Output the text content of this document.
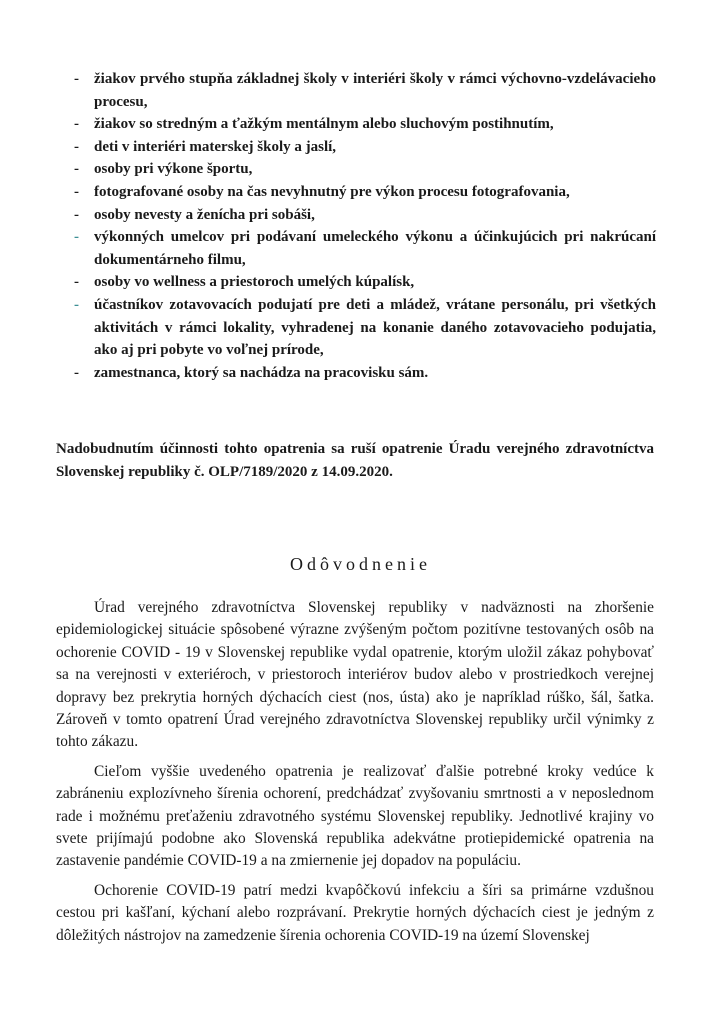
- žiakov prvého stupňa základnej školy v interiéri školy v rámci výchovno-vzdelávacieho procesu,
- žiakov so stredným a ťažkým mentálnym alebo sluchovým postihnutím,
- deti v interiéri materskej školy a jaslí,
- osoby pri výkone športu,
- fotografované osoby na čas nevyhnutný pre výkon procesu fotografovania,
- osoby nevesty a ženícha pri sobáši,
- výkonných umelcov pri podávaní umeleckého výkonu a účinkujúcich pri nakrúcaní dokumentárneho filmu,
- osoby vo wellness a priestoroch umelých kúpalísk,
- účastníkov zotavovacích podujatí pre deti a mládež, vrátane personálu, pri všetkých aktivitách v rámci lokality, vyhradenej na konanie daného zotavovacieho podujatia, ako aj pri pobyte vo voľnej prírode,
- zamestnanca, ktorý sa nachádza na pracovisku sám.

Nadobudnutím účinnosti tohto opatrenia sa ruší opatrenie Úradu verejného zdravotníctva Slovenskej republiky č. OLP/7189/2020 z 14.09.2020.

Odôvodnenie

Úrad verejného zdravotníctva Slovenskej republiky v nadväznosti na zhoršenie epidemiologickej situácie spôsobené výrazne zvýšeným počtom pozitívne testovaných osôb na ochorenie COVID - 19 v Slovenskej republike vydal opatrenie, ktorým uložil zákaz pohybovať sa na verejnosti v exteriéroch, v priestoroch interiérov budov alebo v prostriedkoch verejnej dopravy bez prekrytia horných dýchacích ciest (nos, ústa) ako je napríklad rúško, šál, šatka. Zároveň v tomto opatrení Úrad verejného zdravotníctva Slovenskej republiky určil výnimky z tohto zákazu.

Cieľom vyššie uvedeného opatrenia je realizovať ďalšie potrebné kroky vedúce k zabráneniu explozívneho šírenia ochorení, predchádzať zvyšovaniu smrtnosti a v neposlednom rade i možnému preťaženiu zdravotného systému Slovenskej republiky. Jednotlivé krajiny vo svete prijímajú podobne ako Slovenská republika adekvátne protiepidemické opatrenia na zastavenie pandémie COVID-19 a na zmiernenie jej dopadov na populáciu.

Ochorenie COVID-19 patrí medzi kvapôčkovú infekciu a šíri sa primárne vzdušnou cestou pri kašľaní, kýchaní alebo rozprávaní. Prekrytie horných dýchacích ciest je jedným z dôležitých nástrojov na zamedzenie šírenia ochorenia COVID-19 na území Slovenskej
